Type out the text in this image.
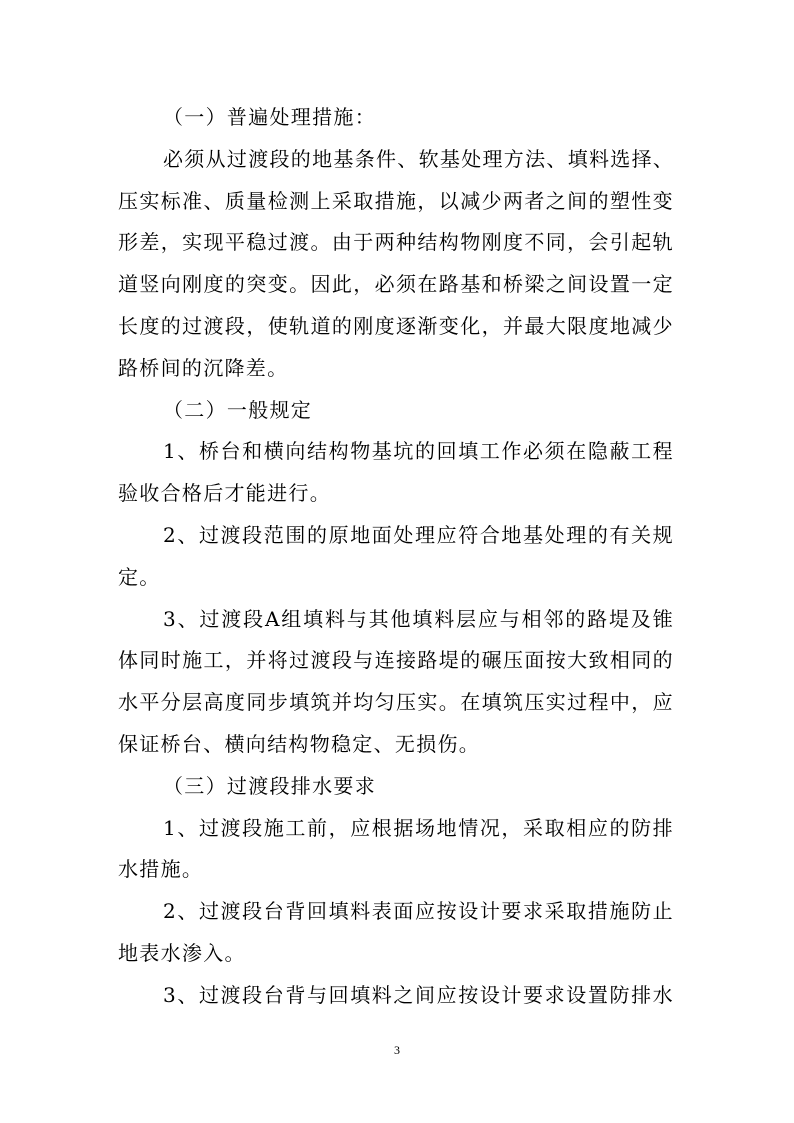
（一）普遍处理措施：
必须从过渡段的地基条件、软基处理方法、填料选择、
压实标准、质量检测上采取措施，以减少两者之间的塑性变
形差，实现平稳过渡。由于两种结构物刚度不同，会引起轨
道竖向刚度的突变。因此，必须在路基和桥梁之间设置一定
长度的过渡段，使轨道的刚度逐渐变化，并最大限度地减少
路桥间的沉降差。
（二）一般规定
1、桥台和横向结构物基坑的回填工作必须在隐蔽工程
验收合格后才能进行。
2、过渡段范围的原地面处理应符合地基处理的有关规
定。
3、过渡段A组填料与其他填料层应与相邻的路堤及锥
体同时施工，并将过渡段与连接路堤的碾压面按大致相同的
水平分层高度同步填筑并均匀压实。在填筑压实过程中，应
保证桥台、横向结构物稳定、无损伤。
（三）过渡段排水要求
1、过渡段施工前，应根据场地情况，采取相应的防排
水措施。
2、过渡段台背回填料表面应按设计要求采取措施防止
地表水渗入。
3、过渡段台背与回填料之间应按设计要求设置防排水
3
